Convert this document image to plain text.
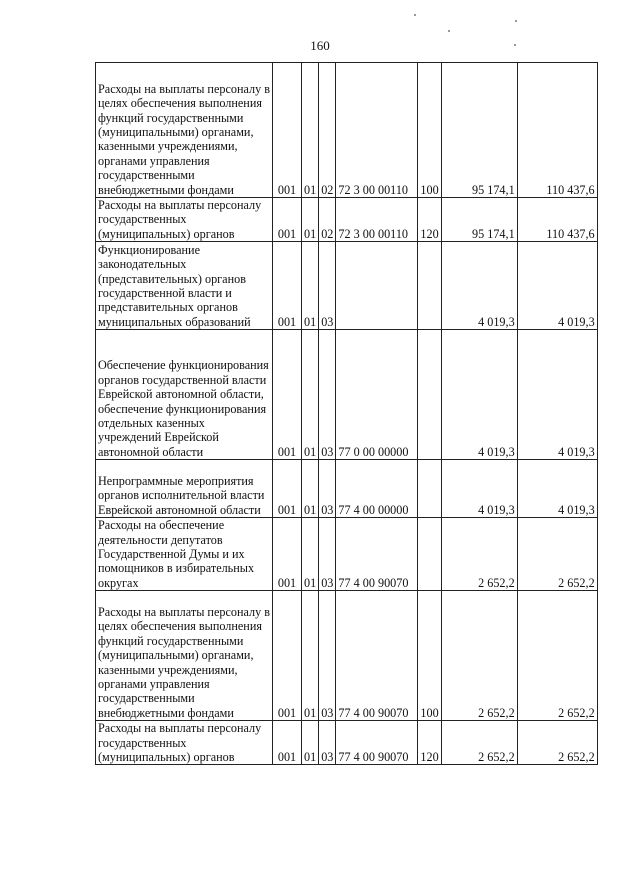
160
Расходы на выплаты персоналу в целях обеспечения выполнения функций государственными (муниципальными) органами, казенными учреждениями, органами управления государственными внебюджетными фондами	001	01	02	72 3 00 00110	100	95 174,1	110 437,6
Расходы на выплаты персоналу государственных (муниципальных) органов	001	01	02	72 3 00 00110	120	95 174,1	110 437,6
Функционирование законодательных (представительных) органов государственной власти и представительных органов муниципальных образований	001	01	03			4 019,3	4 019,3
Обеспечение функционирования органов государственной власти Еврейской автономной области, обеспечение функционирования отдельных казенных учреждений Еврейской автономной области	001	01	03	77 0 00 00000		4 019,3	4 019,3
Непрограммные мероприятия органов исполнительной власти Еврейской автономной области	001	01	03	77 4 00 00000		4 019,3	4 019,3
Расходы на обеспечение деятельности депутатов Государственной Думы и их помощников в избирательных округах	001	01	03	77 4 00 90070		2 652,2	2 652,2
Расходы на выплаты персоналу в целях обеспечения выполнения функций государственными (муниципальными) органами, казенными учреждениями, органами управления государственными внебюджетными фондами	001	01	03	77 4 00 90070	100	2 652,2	2 652,2
Расходы на выплаты персоналу государственных (муниципальных) органов	001	01	03	77 4 00 90070	120	2 652,2	2 652,2
